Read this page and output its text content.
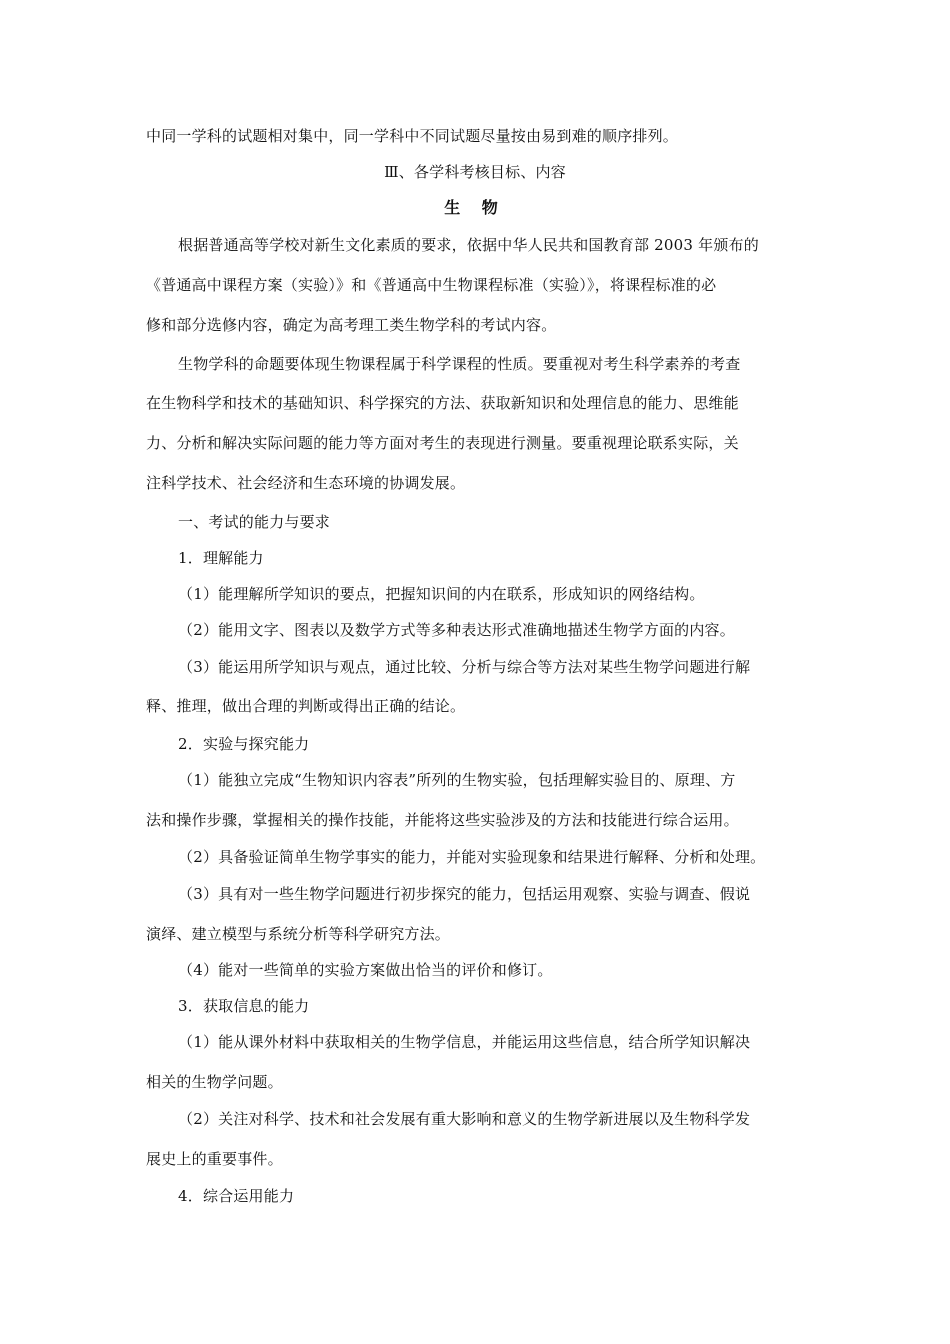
中同一学科的试题相对集中，同一学科中不同试题尽量按由易到难的顺序排列。
Ⅲ、各学科考核目标、内容
生 物
根据普通高等学校对新生文化素质的要求，依据中华人民共和国教育部 2003 年颁布的
《普通高中课程方案（实验）》和《普通高中生物课程标准（实验）》，将课程标准的必
修和部分选修内容，确定为高考理工类生物学科的考试内容。
生物学科的命题要体现生物课程属于科学课程的性质。要重视对考生科学素养的考查
在生物科学和技术的基础知识、科学探究的方法、获取新知识和处理信息的能力、思维能
力、分析和解决实际问题的能力等方面对考生的表现进行测量。要重视理论联系实际，关
注科学技术、社会经济和生态环境的协调发展。
一、考试的能力与要求
1．理解能力
（1）能理解所学知识的要点，把握知识间的内在联系，形成知识的网络结构。
（2）能用文字、图表以及数学方式等多种表达形式准确地描述生物学方面的内容。
（3）能运用所学知识与观点，通过比较、分析与综合等方法对某些生物学问题进行解
释、推理，做出合理的判断或得出正确的结论。
2．实验与探究能力
（1）能独立完成“生物知识内容表”所列的生物实验，包括理解实验目的、原理、方
法和操作步骤，掌握相关的操作技能，并能将这些实验涉及的方法和技能进行综合运用。
（2）具备验证简单生物学事实的能力，并能对实验现象和结果进行解释、分析和处理。
（3）具有对一些生物学问题进行初步探究的能力，包括运用观察、实验与调查、假说
演绎、建立模型与系统分析等科学研究方法。
（4）能对一些简单的实验方案做出恰当的评价和修订。
3．获取信息的能力
（1）能从课外材料中获取相关的生物学信息，并能运用这些信息，结合所学知识解决
相关的生物学问题。
（2）关注对科学、技术和社会发展有重大影响和意义的生物学新进展以及生物科学发
展史上的重要事件。
4．综合运用能力
